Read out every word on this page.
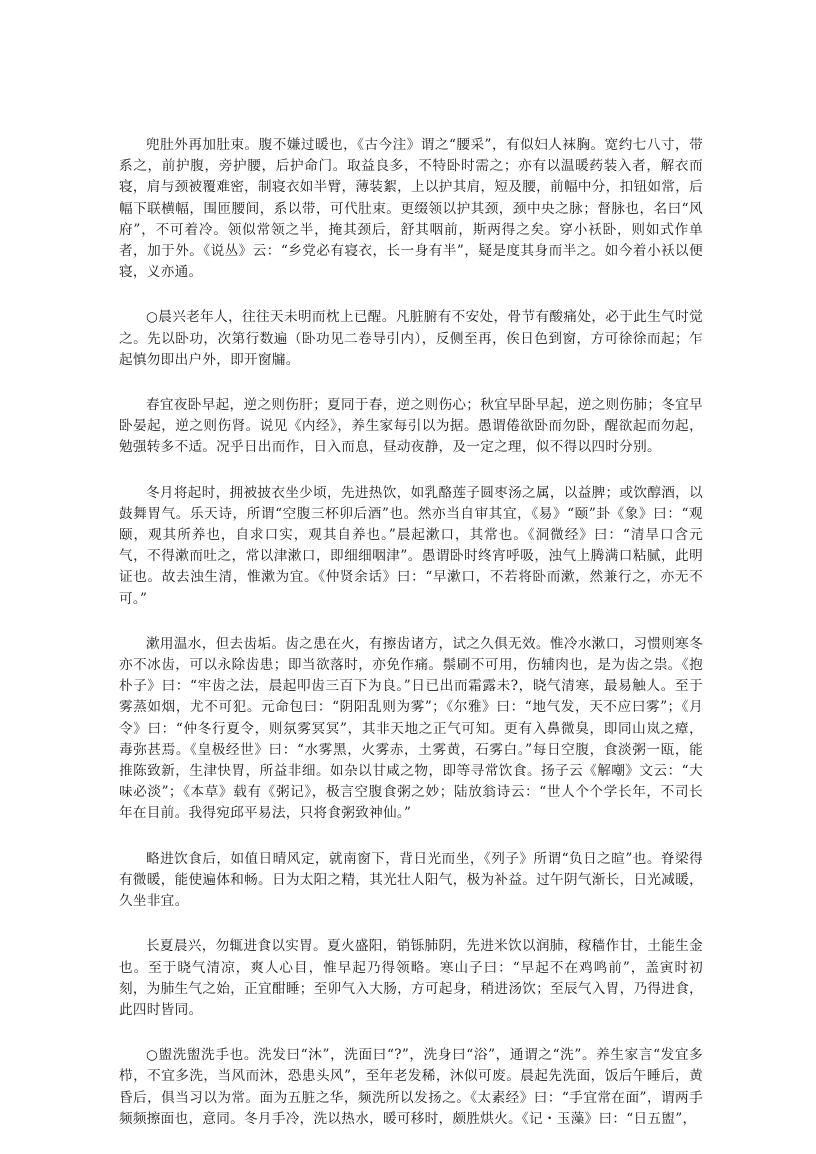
兜肚外再加肚束。腹不嫌过暖也，《古今注》谓之“腰采”，有似妇人袜胸。宽约七八寸，带系之，前护腹，旁护腰，后护命门。取益良多，不特卧时需之；亦有以温暖药装入者，解衣而寝，肩与颈被覆难密，制寝衣如半臂，薄装絮，上以护其肩，短及腰，前幅中分，扣钮如常，后幅下联横幅，围匝腰间，系以带，可代肚束。更缀领以护其颈，颈中央之脉；督脉也，名曰“风府”，不可着冷。领似常领之半，掩其颈后，舒其咽前，斯两得之矣。穿小袄卧，则如式作单者，加于外。《说丛》云：“乡党必有寝衣，长一身有半”，疑是度其身而半之。如今着小袄以便寝，义亦通。

○晨兴老年人，往往天未明而枕上已醒。凡脏腑有不安处，骨节有酸痛处，必于此生气时觉之。先以卧功，次第行数遍（卧功见二卷导引内），反侧至再，俟日色到窗，方可徐徐而起；乍起慎勿即出户外，即开窗牖。

春宜夜卧早起，逆之则伤肝；夏同于春，逆之则伤心；秋宜早卧早起，逆之则伤肺；冬宜早卧晏起，逆之则伤肾。说见《内经》，养生家每引以为据。愚谓倦欲卧而勿卧，醒欲起而勿起，勉强转多不适。况乎日出而作，日入而息，昼动夜静，及一定之理，似不得以四时分别。

冬月将起时，拥被披衣坐少顷，先进热饮，如乳酪莲子圆枣汤之属，以益脾；或饮醇酒，以鼓舞胃气。乐天诗，所谓“空腹三杯卯后酒”也。然亦当自审其宜，《易》“颐”卦《象》曰：“观颐，观其所养也，自求口实，观其自养也。”晨起漱口，其常也。《洞微经》曰：“清旱口含元气，不得漱而吐之，常以津漱口，即细细咽津”。愚谓卧时终宵呼吸，浊气上腾满口粘腻，此明证也。故去浊生清，惟漱为宜。《仲贤余话》曰：“早漱口，不若将卧而漱，然兼行之，亦无不可。”

漱用温水，但去齿垢。齿之患在火，有擦齿诸方，试之久俱无效。惟冷水漱口，习惯则寒冬亦不冰齿，可以永除齿患；即当欲落时，亦免作痛。鬃刷不可用，伤辅肉也，是为齿之祟。《抱朴子》曰：“牢齿之法，晨起叩齿三百下为良。”日已出而霜露未?，晓气清寒，最易触人。至于雾蒸如烟，尤不可犯。元命包曰：“阴阳乱则为雾”；《尔雅》曰：“地气发，天不应曰雾”；《月令》曰：“仲冬行夏令，则氛雾冥冥”，其非天地之正气可知。更有入鼻微臭，即同山岚之瘴，毒弥甚焉。《皇极经世》曰：“水雾黑，火雾赤，土雾黄，石雾白。”每日空腹，食淡粥一瓯，能推陈致新，生津快胃，所益非细。如杂以甘咸之物，即等寻常饮食。扬子云《解嘲》文云：“大味必淡”；《本草》载有《粥记》，极言空腹食粥之妙；陆放翁诗云：“世人个个学长年，不司长年在目前。我得宛邱平易法，只将食粥致神仙。”

略进饮食后，如值日晴风定，就南窗下，背日光而坐，《列子》所谓“负日之暄”也。脊梁得有微暖，能使遍体和畅。日为太阳之精，其光壮人阳气，极为补益。过午阴气渐长，日光减暖，久坐非宜。

长夏晨兴，勿辄进食以实胃。夏火盛阳，销铄肺阴，先进米饮以润肺，稼穑作甘，土能生金也。至于晓气清凉，爽人心目，惟早起乃得领略。寒山子曰：“早起不在鸡鸣前”，盖寅时初刻，为肺生气之始，正宜酣睡；至卯气入大肠，方可起身，稍进汤饮；至辰气入胃，乃得进食，此四时皆同。

○盥洗盥洗手也。洗发曰“沐”，洗面曰“?”，洗身曰“浴”，通谓之“洗”。养生家言“发宜多栉，不宜多洗，当风而沐，恐患头风”，至年老发稀，沐似可废。晨起先洗面，饭后午睡后，黄昏后，俱当习以为常。面为五脏之华，频洗所以发扬之。《太素经》曰：“手宜常在面”，谓两手频频擦面也，意同。冬月手冷，洗以热水，暖可移时，颇胜烘火。《记・玉藻》曰：“日五盥”，
